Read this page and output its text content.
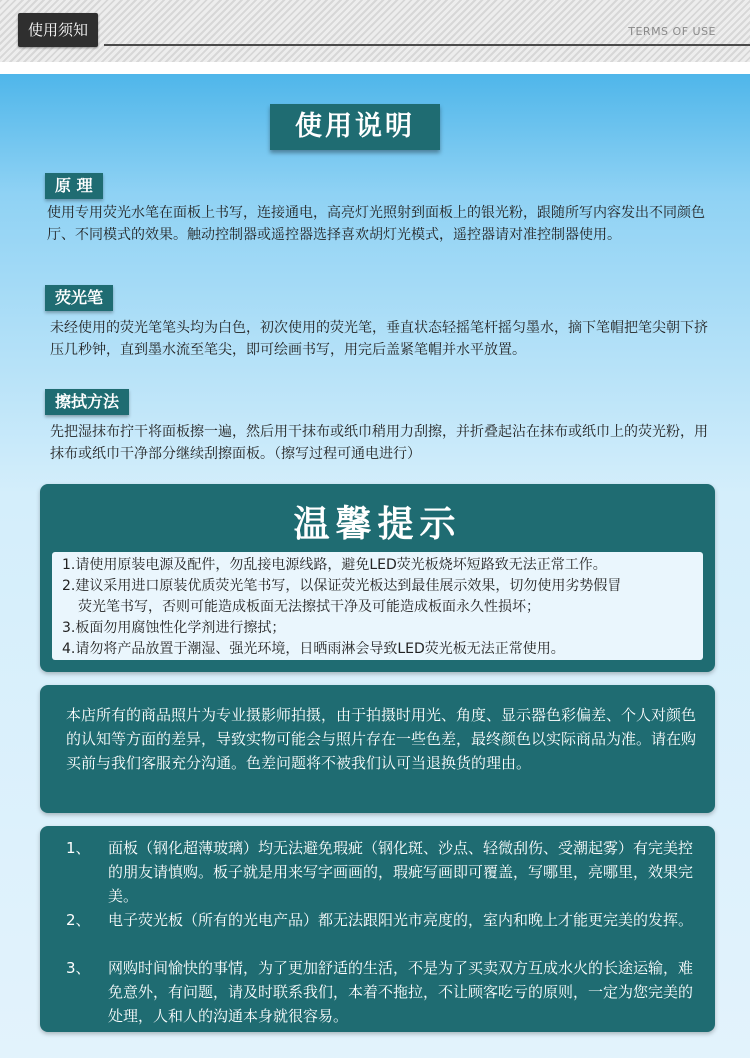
使用须知	TERMS OF USE
使用说明
原 理
使用专用荧光水笔在面板上书写，连接通电，高亮灯光照射到面板上的银光粉，跟随所写内容发出不同颜色厅、不同模式的效果。触动控制器或遥控器选择喜欢胡灯光模式，遥控器请对准控制器使用。
荧光笔
未经使用的荧光笔笔头均为白色，初次使用的荧光笔，垂直状态轻摇笔杆摇匀墨水，摘下笔帽把笔尖朝下挤压几秒钟，直到墨水流至笔尖，即可绘画书写，用完后盖紧笔帽并水平放置。
擦拭方法
先把湿抹布拧干将面板擦一遍，然后用干抹布或纸巾稍用力刮擦，并折叠起沾在抹布或纸巾上的荧光粉，用抹布或纸巾干净部分继续刮擦面板。（擦写过程可通电进行）
温馨提示
1.请使用原装电源及配件，勿乱接电源线路，避免LED荧光板烧坏短路致无法正常工作。
2.建议采用进口原装优质荧光笔书写，以保证荧光板达到最佳展示效果，切勿使用劣势假冒
荧光笔书写，否则可能造成板面无法擦拭干净及可能造成板面永久性损坏；
3.板面勿用腐蚀性化学剂进行擦拭；
4.请勿将产品放置于潮湿、强光环境，日晒雨淋会导致LED荧光板无法正常使用。
本店所有的商品照片为专业摄影师拍摄，由于拍摄时用光、角度、显示器色彩偏差、个人对颜色的认知等方面的差异，导致实物可能会与照片存在一些色差，最终颜色以实际商品为准。请在购买前与我们客服充分沟通。色差问题将不被我们认可当退换货的理由。
1、 面板（钢化超薄玻璃）均无法避免瑕疵（钢化斑、沙点、轻微刮伤、受潮起雾）有完美控的朋友请慎购。板子就是用来写字画画的，瑕疵写画即可覆盖，写哪里，亮哪里，效果完美。
2、 电子荧光板（所有的光电产品）都无法跟阳光市亮度的，室内和晚上才能更完美的发挥。
3、 网购时间愉快的事情，为了更加舒适的生活，不是为了买卖双方互成水火的长途运输，难免意外，有问题，请及时联系我们，本着不拖拉，不让顾客吃亏的原则，一定为您完美的处理，人和人的沟通本身就很容易。
